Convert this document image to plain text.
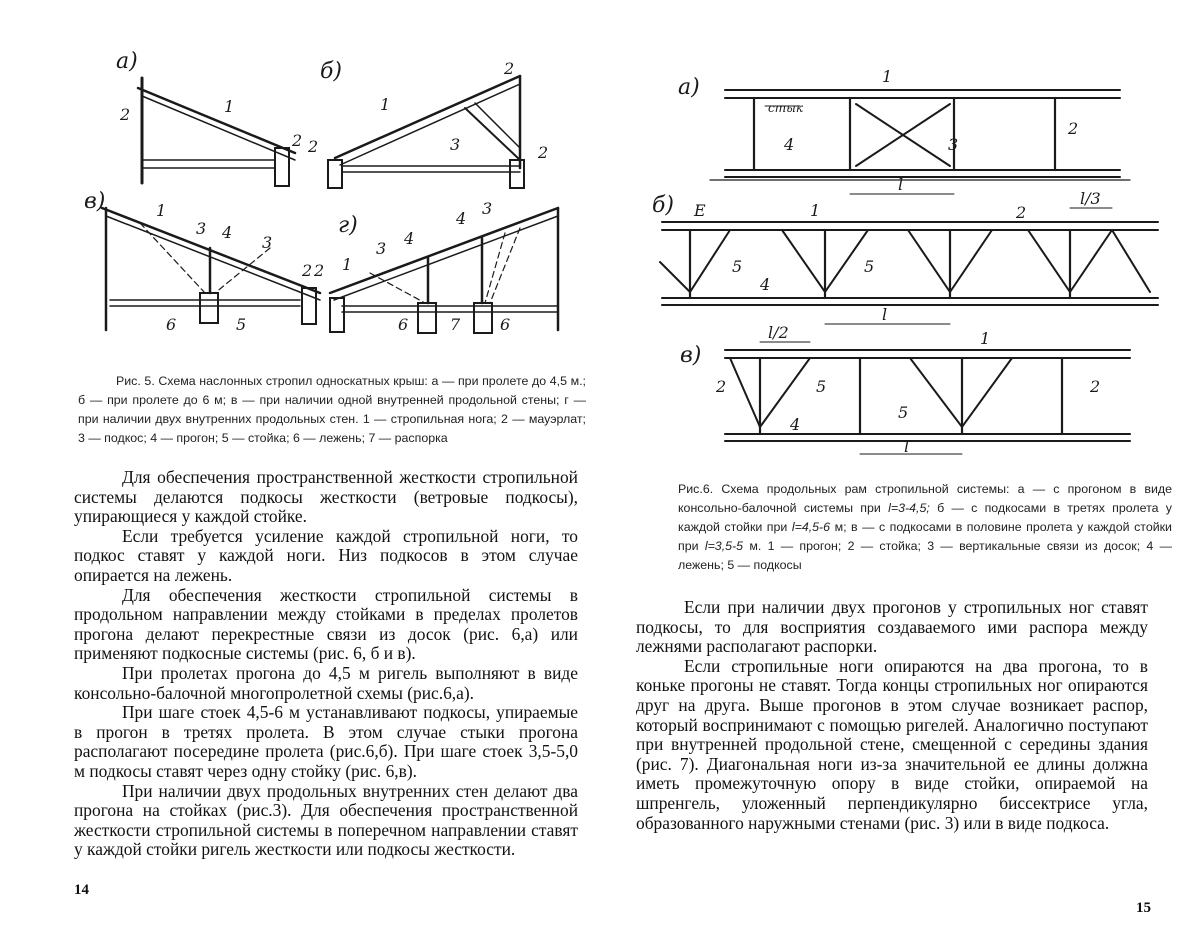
а)
2	1
2
б)	2
1
3
2	2
в)	1
3 4
3
6	5
2 2
г)
1
3
4
4
3
6	7 6
Рис. 5. Схема наслонных стропил односкатных крыш: а — при пролете до 4,5 м.; б — при пролете до 6 м; в — при наличии одной внутренней продольной стены; г — при наличии двух внутренних продольных стен. 1 — стропильная нога; 2 — мауэрлат; 3 — подкос; 4 — прогон; 5 — стойка; 6 — лежень; 7 — распорка

Для обеспечения пространственной жесткости стропильной системы делаются подкосы жесткости (ветровые подкосы), упирающиеся у каждой стойке.

Если требуется усиление каждой стропильной ноги, то подкос ставят у каждой ноги. Низ подкосов в этом случае опирается на лежень.

Для обеспечения жесткости стропильной системы в продольном направлении между стойками в пределах пролетов прогона делают перекрестные связи из досок (рис. 6,а) или применяют подкосные системы (рис. 6, б и в).

При пролетах прогона до 4,5 м ригель выполняют в виде консольно-балочной многопролетной схемы (рис.6,а).

При шаге стоек 4,5-6 м устанавливают подкосы, упираемые в прогон в третях пролета. В этом случае стыки прогона располагают посередине пролета (рис.6,б). При шаге стоек 3,5-5,0 м подкосы ставят через одну стойку (рис. 6,в).

При наличии двух продольных внутренних стен делают два прогона на стойках (рис.3). Для обеспечения пространственной жесткости стропильной системы в поперечном направлении ставят у каждой стойки ригель жесткости или подкосы жесткости.

14
а)	1
2
3
4
стык
l
б) Е	1	2
5	5
4
l
l/3
в)
2	5
5
1
2
4
l/2
l
Рис.6. Схема продольных рам стропильной системы: а — с прогоном в виде консольно-балочной системы при l=3-4,5; б — с подкосами в третях пролета у каждой стойки при l=4,5-6 м; в — с подкосами в половине пролета у каждой стойки при l=3,5-5 м. 1 — прогон; 2 — стойка; 3 — вертикальные связи из досок; 4 — лежень; 5 — подкосы

Если при наличии двух прогонов у стропильных ног ставят подкосы, то для восприятия создаваемого ими распора между лежнями располагают распорки.

Если стропильные ноги опираются на два прогона, то в коньке прогоны не ставят. Тогда концы стропильных ног опираются друг на друга. Выше прогонов в этом случае возникает распор, который воспринимают с помощью ригелей. Аналогично поступают при внутренней продольной стене, смещенной с середины здания (рис. 7). Диагональная ноги из-за значительной ее длины должна иметь промежуточную опору в виде стойки, опираемой на шпренгель, уложенный перпендикулярно биссектрисе угла, образованного наружными стенами (рис. 3) или в виде подкоса.

15
